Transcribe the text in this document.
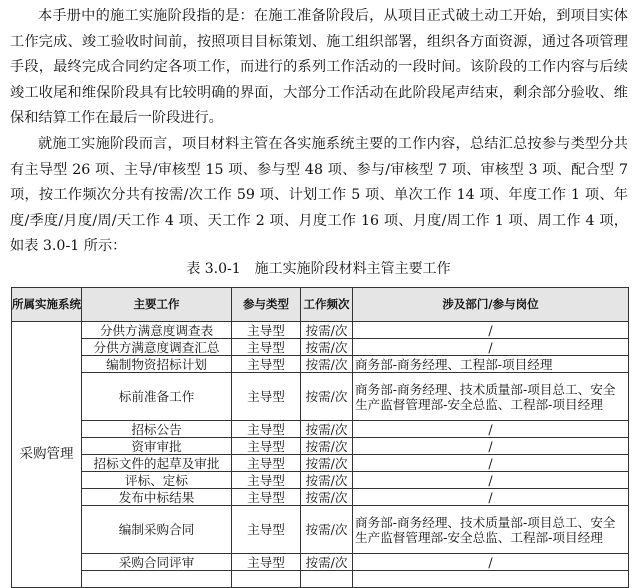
本手册中的施工实施阶段指的是：在施工准备阶段后，从项目正式破土动工开始，到项目实体工作完成、竣工验收时间前，按照项目目标策划、施工组织部署，组织各方面资源，通过各项管理手段，最终完成合同约定各项工作，而进行的系列工作活动的一段时间。该阶段的工作内容与后续竣工收尾和维保阶段具有比较明确的界面，大部分工作活动在此阶段尾声结束，剩余部分验收、维保和结算工作在最后一阶段进行。

就施工实施阶段而言，项目材料主管在各实施系统主要的工作内容，总结汇总按参与类型分共有主导型 26 项、主导/审核型 15 项、参与型 48 项、参与/审核型 7 项、审核型 3 项、配合型 7 项，按工作频次分共有按需/次工作 59 项、计划工作 5 项、单次工作 14 项、年度工作 1 项、年度/季度/月度/周/天工作 4 项、天工作 2 项、月度工作 16 项、月度/周工作 1 项、周工作 4 项，如表 3.0-1 所示：

表 3.0-1　施工实施阶段材料主管主要工作
所属实施系统	主要工作	参与类型	工作频次	涉及部门/参与岗位
采购管理	分供方满意度调查表	主导型	按需/次	/
	分供方满意度调查汇总	主导型	按需/次	/
	编制物资招标计划	主导型	按需/次	商务部-商务经理、工程部-项目经理
	标前准备工作	主导型	按需/次	商务部-商务经理、技术质量部-项目总工、安全生产监督管理部-安全总监、工程部-项目经理
	招标公告	主导型	按需/次	/
	资审审批	主导型	按需/次	/
	招标文件的起草及审批	主导型	按需/次	/
	评标、定标	主导型	按需/次	/
	发布中标结果	主导型	按需/次	/
	编制采购合同	主导型	按需/次	商务部-商务经理、技术质量部-项目总工、安全生产监督管理部-安全总监、工程部-项目经理
	采购合同评审	主导型	按需/次	/
